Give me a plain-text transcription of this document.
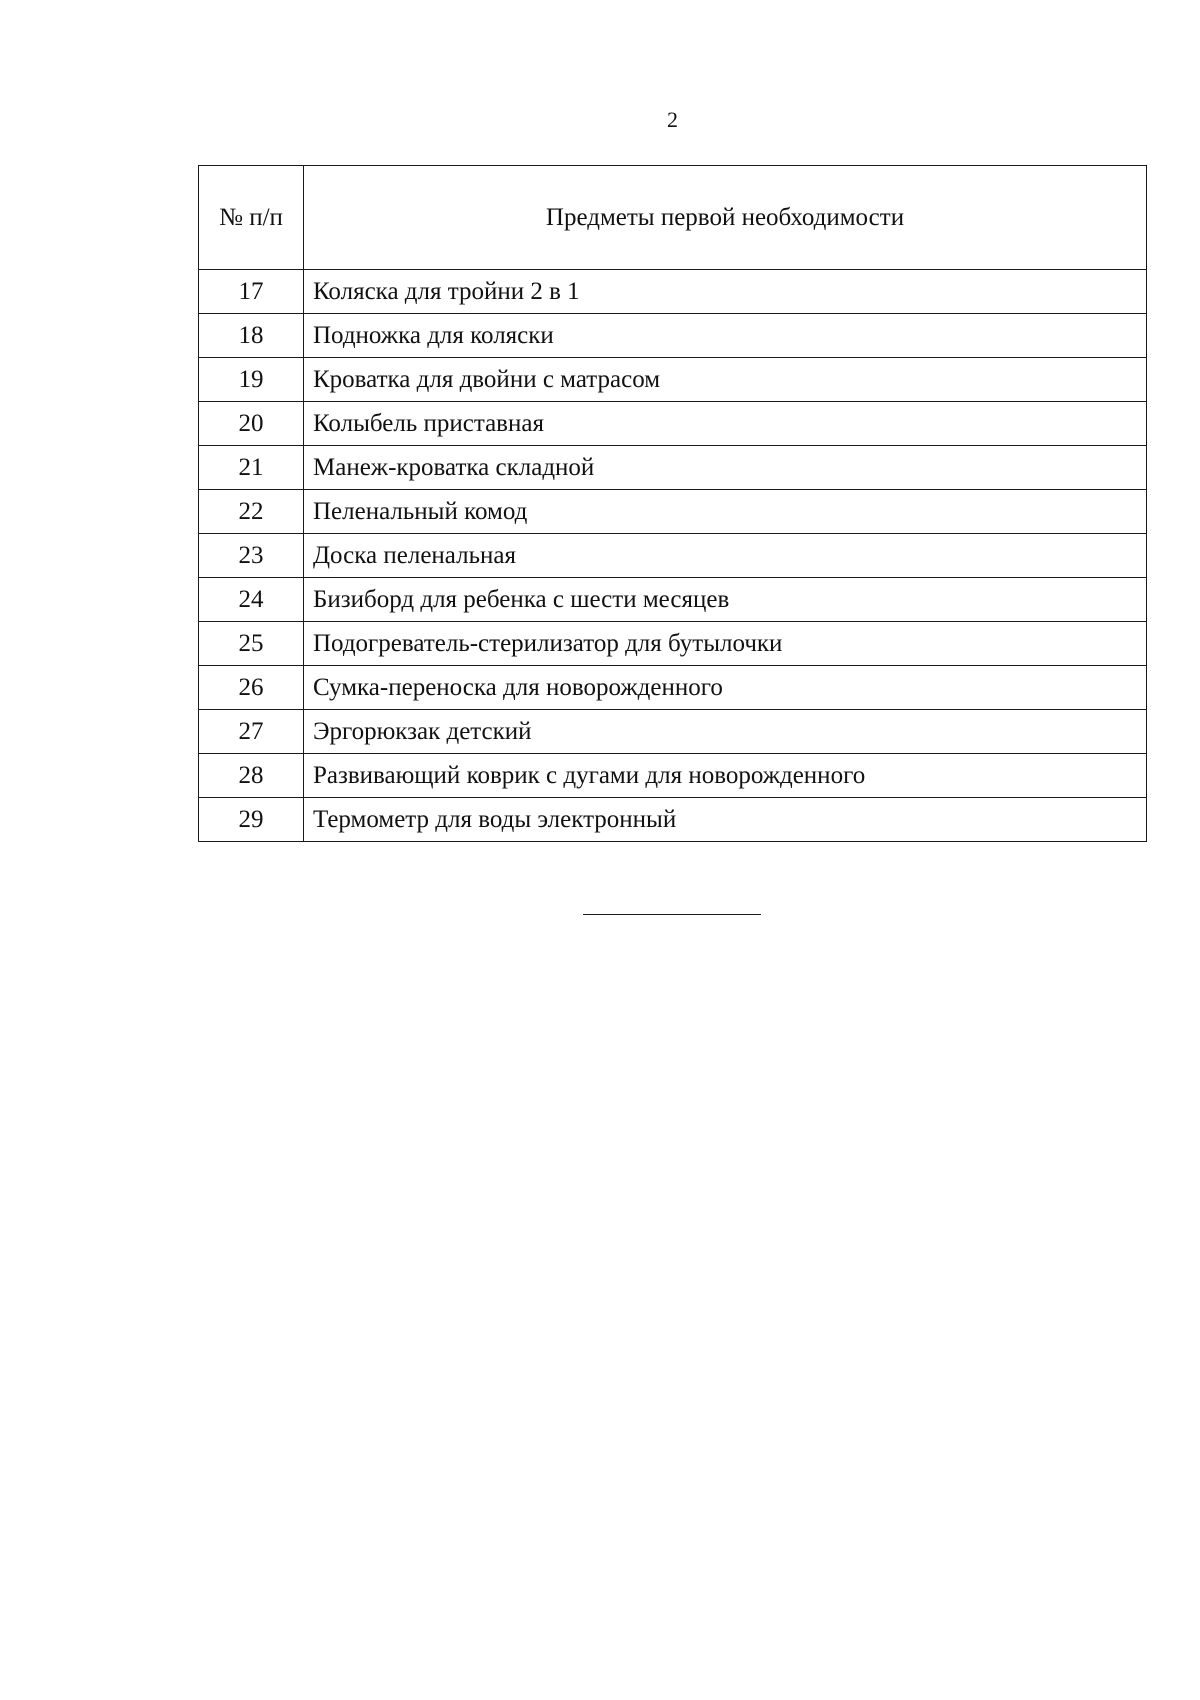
2
№ п/п	Предметы первой необходимости
17	Коляска для тройни 2 в 1
18	Подножка для коляски
19	Кроватка для двойни с матрасом
20	Колыбель приставная
21	Манеж-кроватка складной
22	Пеленальный комод
23	Доска пеленальная
24	Бизиборд для ребенка с шести месяцев
25	Подогреватель-стерилизатор для бутылочки
26	Сумка-переноска для новорожденного
27	Эргорюкзак детский
28	Развивающий коврик с дугами для новорожденного
29	Термометр для воды электронный
